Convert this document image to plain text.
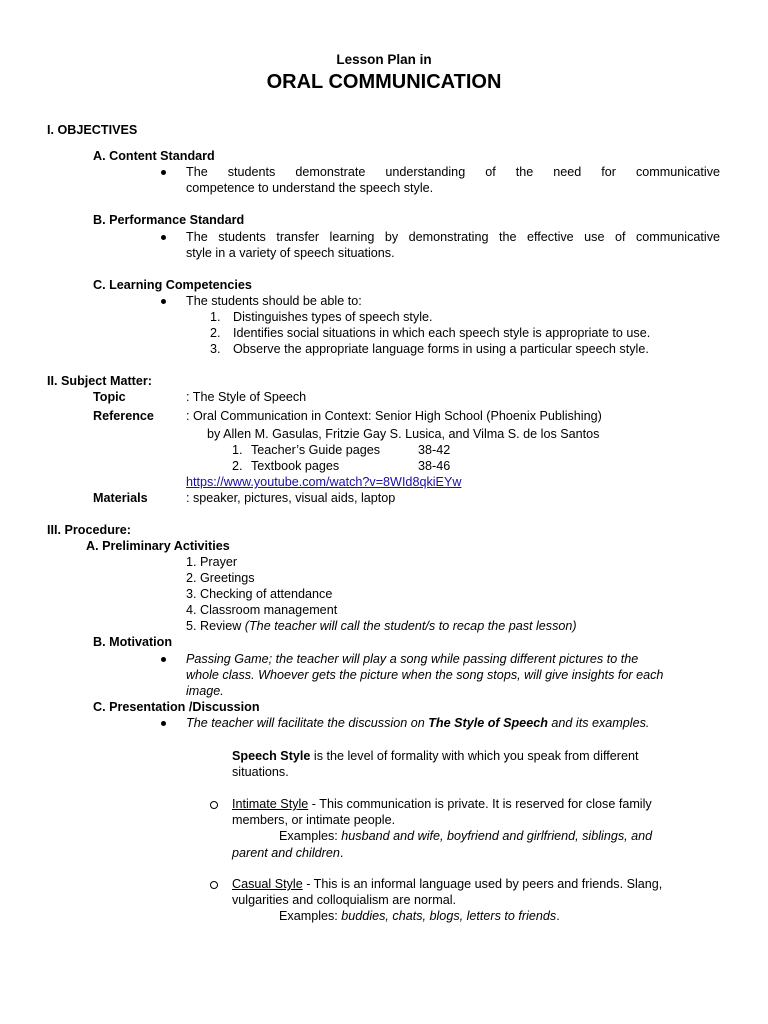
Lesson Plan in
ORAL COMMUNICATION
I. OBJECTIVES
A. Content Standard
The students demonstrate understanding of the need for communicative
competence to understand the speech style.
B. Performance Standard
The students transfer learning by demonstrating the effective use of communicative
style in a variety of speech situations.
C. Learning Competencies
The students should be able to:
1. Distinguishes types of speech style.
2. Identifies social situations in which each speech style is appropriate to use.
3. Observe the appropriate language forms in using a particular speech style.
II. Subject Matter:
Topic	: The Style of Speech
Reference	: Oral Communication in Context: Senior High School (Phoenix Publishing)
by Allen M. Gasulas, Fritzie Gay S. Lusica, and Vilma S. de los Santos
1. Teacher’s Guide pages	38-42
2. Textbook pages	38-46
https://www.youtube.com/watch?v=8WId8qkiEYw
Materials	: speaker, pictures, visual aids, laptop
III. Procedure:
A. Preliminary Activities
1. Prayer
2. Greetings
3. Checking of attendance
4. Classroom management
5. Review (The teacher will call the student/s to recap the past lesson)
B. Motivation
Passing Game; the teacher will play a song while passing different pictures to the
whole class. Whoever gets the picture when the song stops, will give insights for each
image.
C. Presentation /Discussion
The teacher will facilitate the discussion on The Style of Speech and its examples.
Speech Style is the level of formality with which you speak from different
situations.
Intimate Style - This communication is private. It is reserved for close family
members, or intimate people.
Examples: husband and wife, boyfriend and girlfriend, siblings, and
parent and children.
Casual Style - This is an informal language used by peers and friends. Slang,
vulgarities and colloquialism are normal.
Examples: buddies, chats, blogs, letters to friends.
